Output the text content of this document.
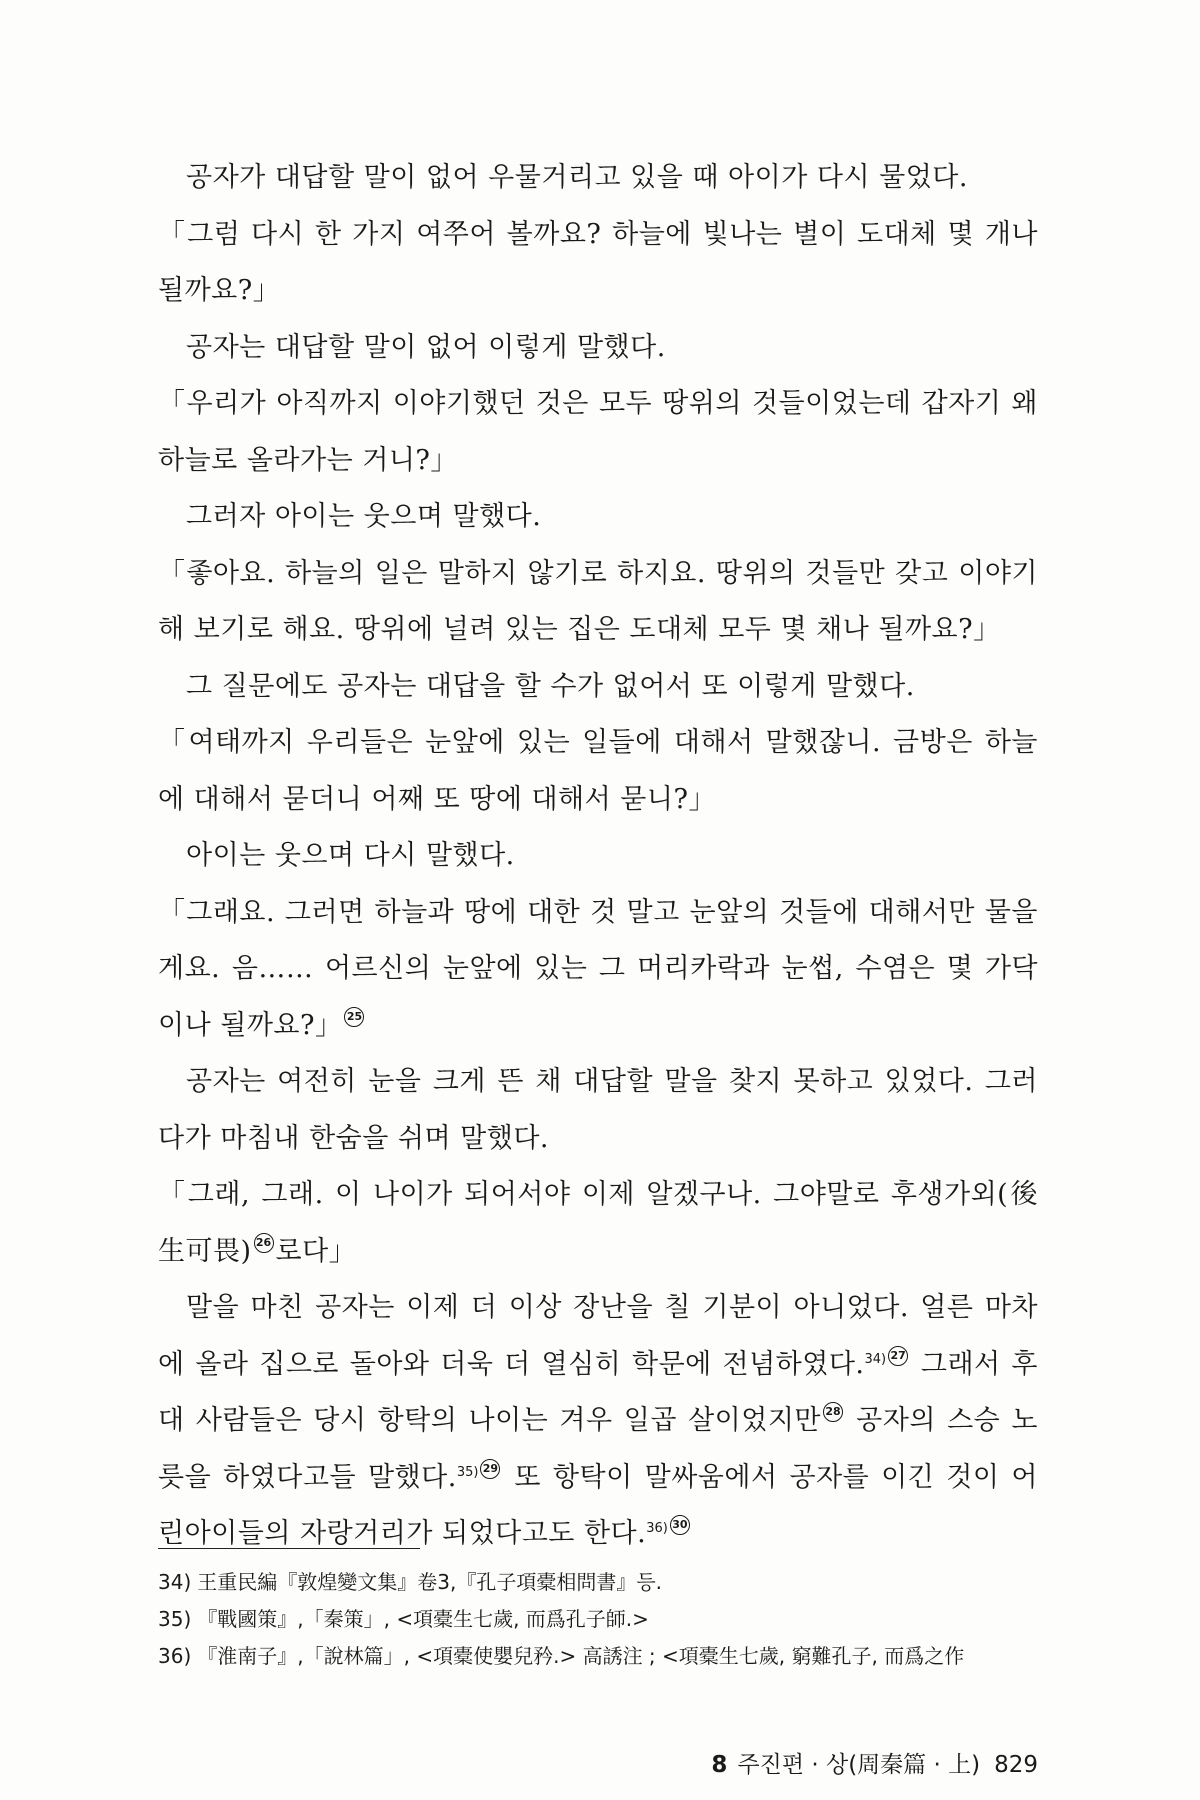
공자가 대답할 말이 없어 우물거리고 있을 때 아이가 다시 물었다.

「그럼 다시 한 가지 여쭈어 볼까요? 하늘에 빛나는 별이 도대체 몇 개나 될까요?」

공자는 대답할 말이 없어 이렇게 말했다.

「우리가 아직까지 이야기했던 것은 모두 땅위의 것들이었는데 갑자기 왜 하늘로 올라가는 거니?」

그러자 아이는 웃으며 말했다.

「좋아요. 하늘의 일은 말하지 않기로 하지요. 땅위의 것들만 갖고 이야기해 보기로 해요. 땅위에 널려 있는 집은 도대체 모두 몇 채나 될까요?」

그 질문에도 공자는 대답을 할 수가 없어서 또 이렇게 말했다.

「여태까지 우리들은 눈앞에 있는 일들에 대해서 말했잖니. 금방은 하늘에 대해서 묻더니 어째 또 땅에 대해서 묻니?」

아이는 웃으며 다시 말했다.

「그래요. 그러면 하늘과 땅에 대한 것 말고 눈앞의 것들에 대해서만 물을게요. 음…… 어르신의 눈앞에 있는 그 머리카락과 눈썹, 수염은 몇 가닥이나 될까요?」 25

공자는 여전히 눈을 크게 뜬 채 대답할 말을 찾지 못하고 있었다. 그러다가 마침내 한숨을 쉬며 말했다.

「그래, 그래. 이 나이가 되어서야 이제 알겠구나. 그야말로 후생가외(後生可畏) 26 로다」

말을 마친 공자는 이제 더 이상 장난을 칠 기분이 아니었다. 얼른 마차에 올라 집으로 돌아와 더욱 더 열심히 학문에 전념하였다.$^{34)}$ 27 그래서 후대 사람들은 당시 항탁의 나이는 겨우 일곱 살이었지만 28 공자의 스승 노릇을 하였다고들 말했다.$^{35)}$ 29 또 항탁이 말싸움에서 공자를 이긴 것이 어린아이들의 자랑거리가 되었다고도 한다.$^{36)}$ 30

34) 王重民編『敦煌變文集』卷3,『孔子項橐相問書』등.
35) 『戰國策』,「秦策」, <項橐生七歲, 而爲孔子師.>
36) 『淮南子』,「說林篇」, <項橐使嬰兒矜.> 高誘注 ; <項橐生七歲, 窮難孔子, 而爲之作
8 주진편 · 상(周秦篇 · 上) 829
